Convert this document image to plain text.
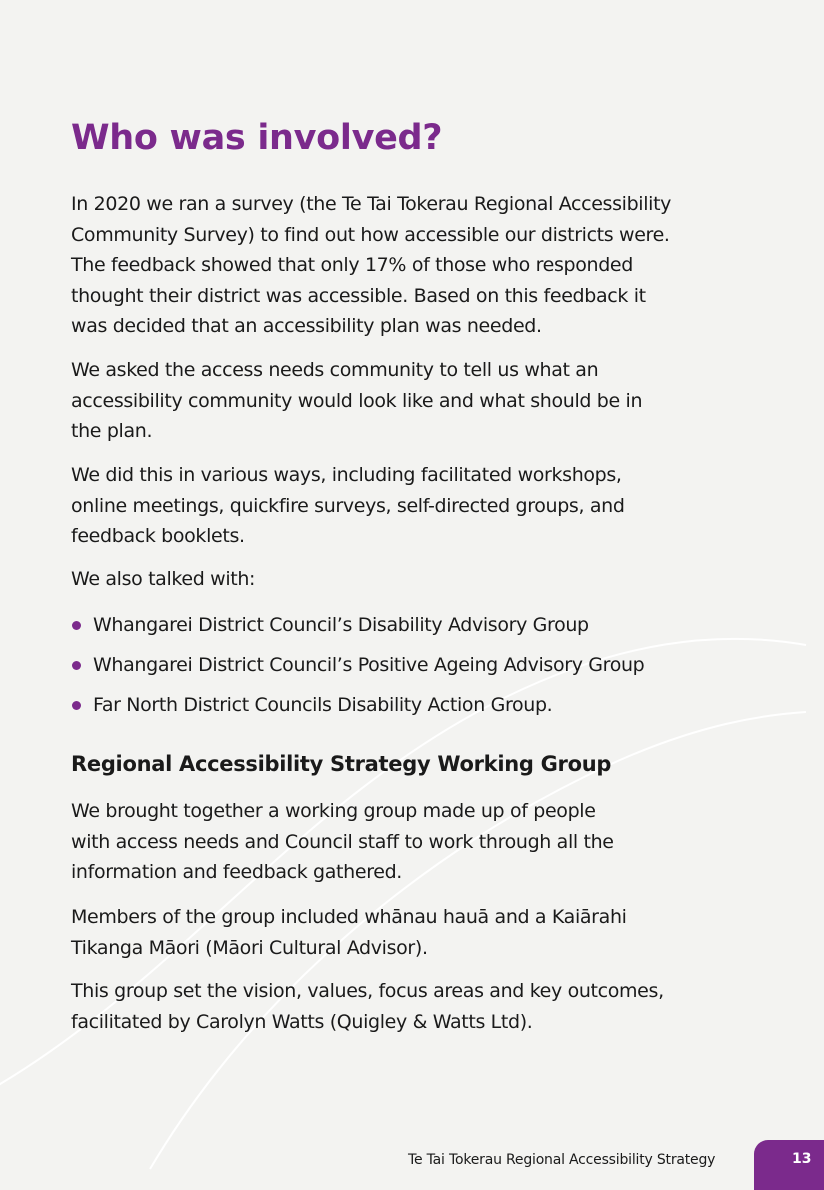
Who was involved?

In 2020 we ran a survey (the Te Tai Tokerau Regional Accessibility
Community Survey) to find out how accessible our districts were.
The feedback showed that only 17% of those who responded
thought their district was accessible. Based on this feedback it
was decided that an accessibility plan was needed.

We asked the access needs community to tell us what an
accessibility community would look like and what should be in
the plan.

We did this in various ways, including facilitated workshops,
online meetings, quickfire surveys, self-directed groups, and
feedback booklets.

We also talked with:

Whangarei District Council’s Disability Advisory Group
Whangarei District Council’s Positive Ageing Advisory Group
Far North District Councils Disability Action Group.
Regional Accessibility Strategy Working Group

We brought together a working group made up of people
with access needs and Council staff to work through all the
information and feedback gathered.

Members of the group included whānau hauā and a Kaiārahi
Tikanga Māori (Māori Cultural Advisor).

This group set the vision, values, focus areas and key outcomes,
facilitated by Carolyn Watts (Quigley & Watts Ltd).

Te Tai Tokerau Regional Accessibility Strategy	13
